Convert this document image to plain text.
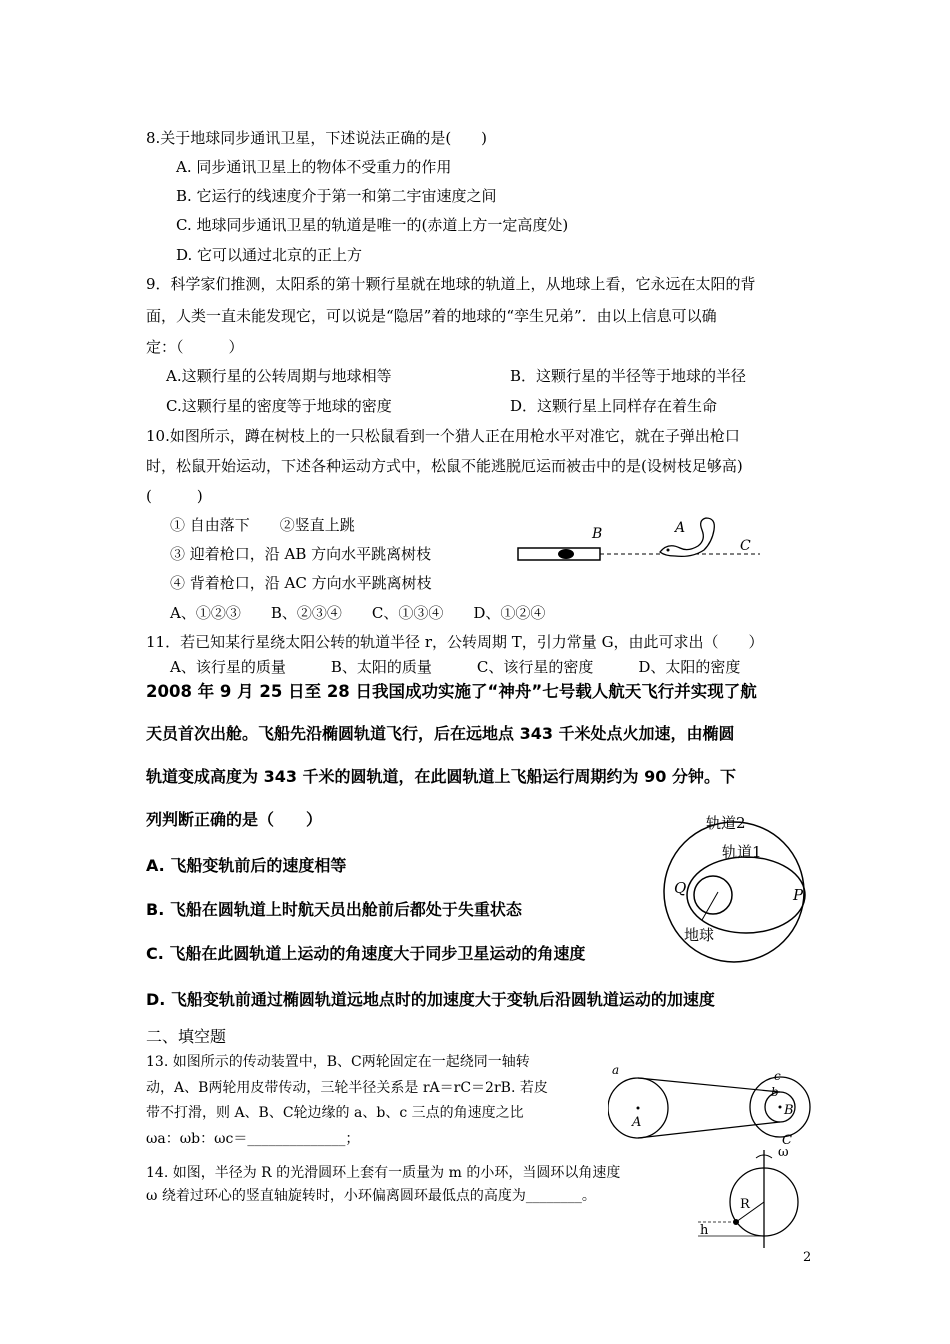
8.关于地球同步通讯卫星，下述说法正确的是(　　)
A. 同步通讯卫星上的物体不受重力的作用
B. 它运行的线速度介于第一和第二宇宙速度之间
C. 地球同步通讯卫星的轨道是唯一的(赤道上方一定高度处)
D. 它可以通过北京的正上方
9．科学家们推测，太阳系的第十颗行星就在地球的轨道上，从地球上看，它永远在太阳的背
面，人类一直未能发现它，可以说是“隐居”着的地球的“孪生兄弟”．由以上信息可以确
定：（　　　）
A.这颗行星的公转周期与地球相等	B．这颗行星的半径等于地球的半径
C.这颗行星的密度等于地球的密度	D．这颗行星上同样存在着生命
10.如图所示，蹲在树枝上的一只松鼠看到一个猎人正在用枪水平对准它，就在子弹出枪口
时，松鼠开始运动，下述各种运动方式中，松鼠不能逃脱厄运而被击中的是(设树枝足够高)
(　　　)
① 自由落下　　②竖直上跳
③ 迎着枪口，沿 AB 方向水平跳离树枝
④ 背着枪口，沿 AC 方向水平跳离树枝
A、①②③　　B、②③④　　C、①③④　　D、①②④
B	A
C
11．若已知某行星绕太阳公转的轨道半径 r，公转周期 T，引力常量 G，由此可求出（　　）
A、该行星的质量　　　B、太阳的质量　　　C、该行星的密度　　　D、太阳的密度
2008 年 9 月 25 日至 28 日我国成功实施了“神舟”七号载人航天飞行并实现了航
天员首次出舱。飞船先沿椭圆轨道飞行，后在远地点 343 千米处点火加速，由椭圆
轨道变成高度为 343 千米的圆轨道，在此圆轨道上飞船运行周期约为 90 分钟。下
列判断正确的是（　　）
A. 飞船变轨前后的速度相等
B. 飞船在圆轨道上时航天员出舱前后都处于失重状态
C. 飞船在此圆轨道上运动的角速度大于同步卫星运动的角速度
D. 飞船变轨前通过椭圆轨道远地点时的加速度大于变轨后沿圆轨道运动的加速度
轨道2
轨道1
Q	P
地球
二、填空题
13. 如图所示的传动装置中，B、C两轮固定在一起绕同一轴转
动，A、B两轮用皮带传动，三轮半径关系是 rA＝rC＝2rB. 若皮
带不打滑，则 A、B、C轮边缘的 a、b、c 三点的角速度之比
ωa：ωb：ωc＝______________；
a
A
c
b
B
C
14. 如图，半径为 R 的光滑圆环上套有一质量为 m 的小环，当圆环以角速度
ω 绕着过环心的竖直轴旋转时，小环偏离圆环最低点的高度为________。
ω
R
h
2
